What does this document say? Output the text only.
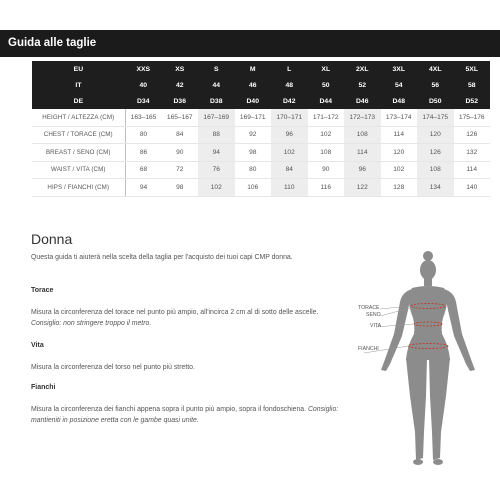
Guida alle taglie
EU	XXS	XS	S	M	L	XL	2XL	3XL	4XL	5XL
IT	40	42	44	46	48	50	52	54	56	58
DE	D34	D36	D38	D40	D42	D44	D46	D48	D50	D52
HEIGHT / ALTEZZA (CM)	163–165	165–167	167–169	169–171	170–171	171–172	172–173	173–174	174–175	175–176
CHEST / TORACE (CM)	80	84	88	92	96	102	108	114	120	126
BREAST / SENO (CM)	86	90	94	98	102	108	114	120	126	132
WAIST / VITA (CM)	68	72	76	80	84	90	96	102	108	114
HIPS / FIANCHI (CM)	94	98	102	106	110	116	122	128	134	140
Donna
Questa guida ti aiuterà nella scelta della taglia per l'acquisto dei tuoi capi CMP donna.
Torace
Misura la circonferenza del torace nel punto più ampio, all'incirca 2 cm al di sotto delle ascelle. Consiglio: non stringere troppo il metro.
Vita
Misura la circonferenza del torso nel punto più stretto.
Fianchi
Misura la circonferenza dei fianchi appena sopra il punto più ampio, sopra il fondoschiena. Consiglio: mantieniti in posizione eretta con le gambe quasi unite.
TORACE
SENO
VITA
FIANCHI
